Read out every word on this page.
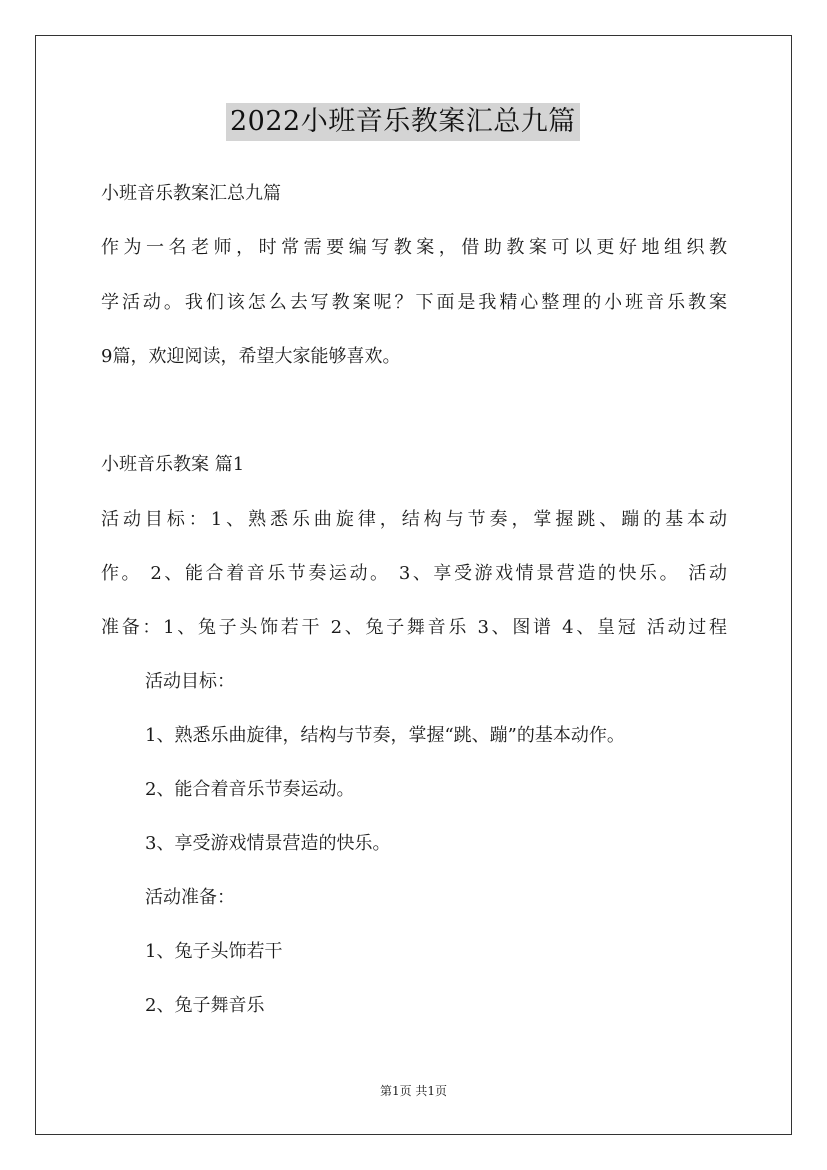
2022小班音乐教案汇总九篇
小班音乐教案汇总九篇
作为一名老师，时常需要编写教案，借助教案可以更好地组织教
学活动。我们该怎么去写教案呢？下面是我精心整理的小班音乐教案
9篇，欢迎阅读，希望大家能够喜欢。
小班音乐教案 篇1
活动目标：1、熟悉乐曲旋律，结构与节奏，掌握跳、蹦的基本动
作。 2、能合着音乐节奏运动。 3、享受游戏情景营造的快乐。 活动
准备：1、兔子头饰若干 2、兔子舞音乐 3、图谱 4、皇冠 活动过程
活动目标：
1、熟悉乐曲旋律，结构与节奏，掌握“跳、蹦”的基本动作。
2、能合着音乐节奏运动。
3、享受游戏情景营造的快乐。
活动准备：
1、兔子头饰若干
2、兔子舞音乐
第1页 共1页
